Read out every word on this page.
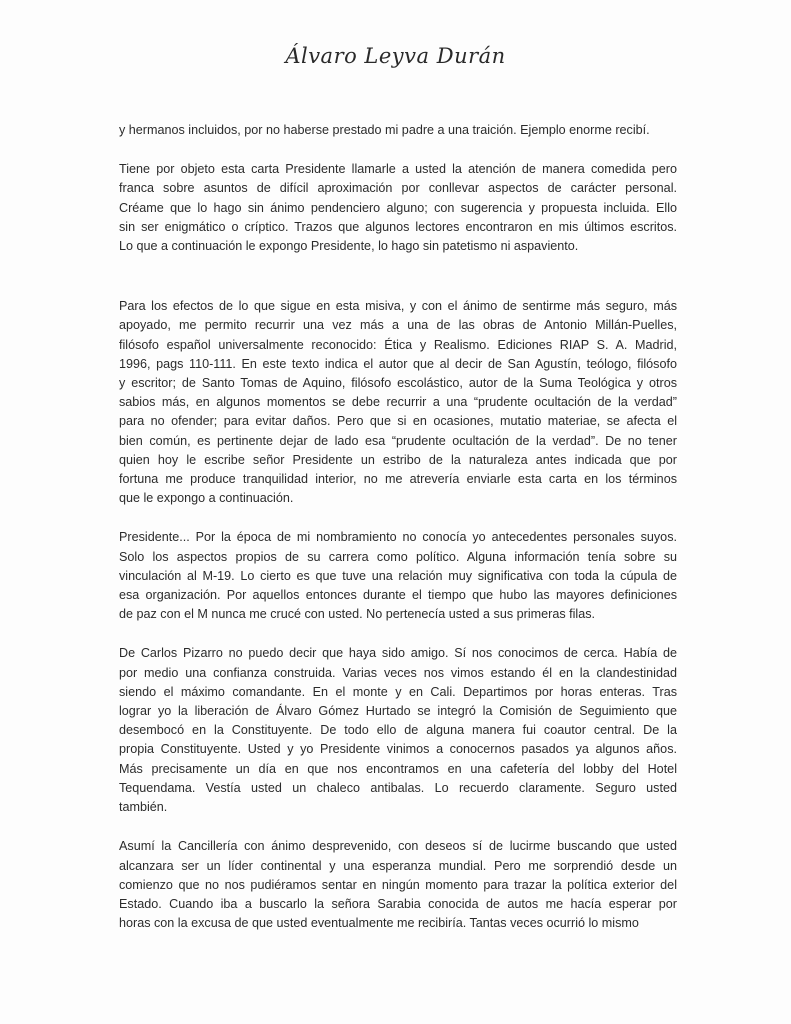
Álvaro Leyva Durán

y hermanos incluidos, por no haberse prestado mi padre a una traición. Ejemplo enorme recibí.

Tiene por objeto esta carta Presidente llamarle a usted la atención de manera comedida pero
franca sobre asuntos de difícil aproximación por conllevar aspectos de carácter personal.
Créame que lo hago sin ánimo pendenciero alguno; con sugerencia y propuesta incluida. Ello
sin ser enigmático o críptico. Trazos que algunos lectores encontraron en mis últimos escritos.
Lo que a continuación le expongo Presidente, lo hago sin patetismo ni aspaviento.

Para los efectos de lo que sigue en esta misiva, y con el ánimo de sentirme más seguro, más
apoyado, me permito recurrir una vez más a una de las obras de Antonio Millán-Puelles,
filósofo español universalmente reconocido: Ética y Realismo. Ediciones RIAP S. A. Madrid,
1996, pags 110-111. En este texto indica el autor que al decir de San Agustín, teólogo, filósofo
y escritor; de Santo Tomas de Aquino, filósofo escolástico, autor de la Suma Teológica y otros
sabios más, en algunos momentos se debe recurrir a una “prudente ocultación de la verdad”
para no ofender; para evitar daños. Pero que si en ocasiones, mutatio materiae, se afecta el
bien común, es pertinente dejar de lado esa “prudente ocultación de la verdad”. De no tener
quien hoy le escribe señor Presidente un estribo de la naturaleza antes indicada que por
fortuna me produce tranquilidad interior, no me atrevería enviarle esta carta en los términos
que le expongo a continuación.

Presidente... Por la época de mi nombramiento no conocía yo antecedentes personales suyos.
Solo los aspectos propios de su carrera como político. Alguna información tenía sobre su
vinculación al M-19. Lo cierto es que tuve una relación muy significativa con toda la cúpula de
esa organización. Por aquellos entonces durante el tiempo que hubo las mayores definiciones
de paz con el M nunca me crucé con usted. No pertenecía usted a sus primeras filas.

De Carlos Pizarro no puedo decir que haya sido amigo. Sí nos conocimos de cerca. Había de
por medio una confianza construida. Varias veces nos vimos estando él en la clandestinidad
siendo el máximo comandante. En el monte y en Cali. Departimos por horas enteras. Tras
lograr yo la liberación de Álvaro Gómez Hurtado se integró la Comisión de Seguimiento que
desembocó en la Constituyente. De todo ello de alguna manera fui coautor central. De la
propia Constituyente. Usted y yo Presidente vinimos a conocernos pasados ya algunos años.
Más precisamente un día en que nos encontramos en una cafetería del lobby del Hotel
Tequendama. Vestía usted un chaleco antibalas. Lo recuerdo claramente. Seguro usted
también.

Asumí la Cancillería con ánimo desprevenido, con deseos sí de lucirme buscando que usted
alcanzara ser un líder continental y una esperanza mundial. Pero me sorprendió desde un
comienzo que no nos pudiéramos sentar en ningún momento para trazar la política exterior del
Estado. Cuando iba a buscarlo la señora Sarabia conocida de autos me hacía esperar por
horas con la excusa de que usted eventualmente me recibiría. Tantas veces ocurrió lo mismo
